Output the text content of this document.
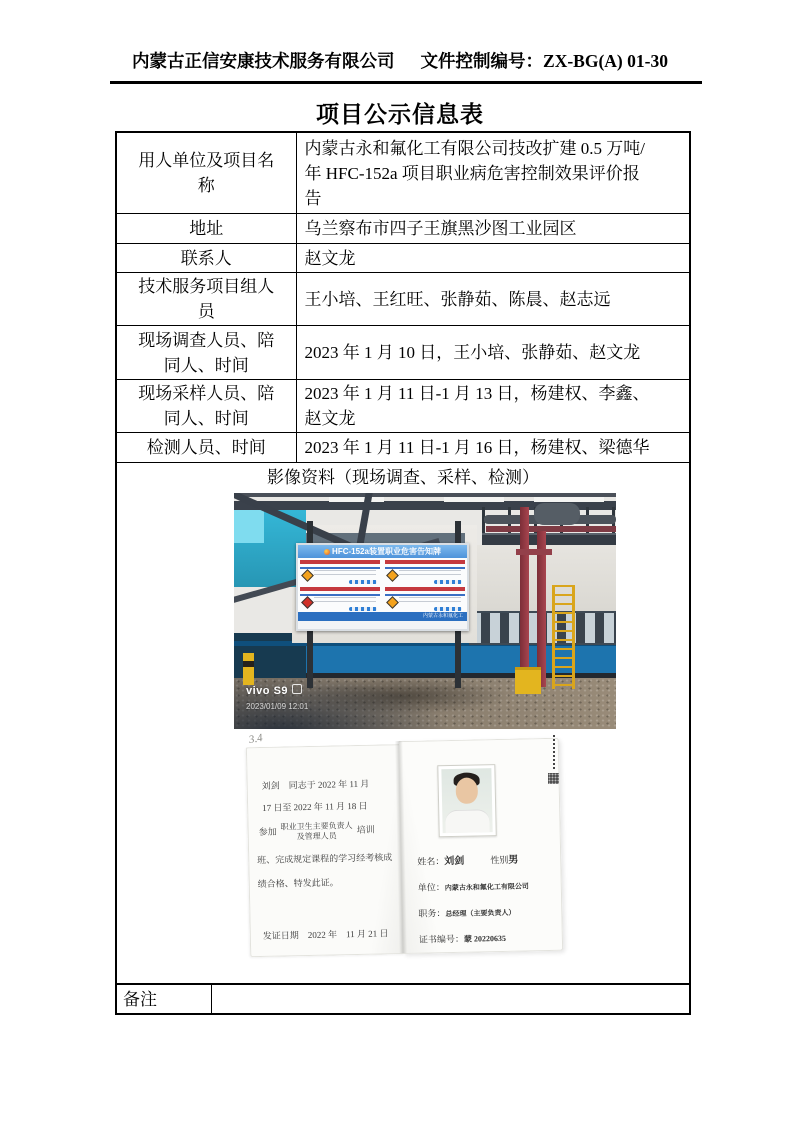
内蒙古正信安康技术服务有限公司 文件控制编号：ZX-BG(A) 01-30
项目公示信息表
用人单位及项目名称	内蒙古永和氟化工有限公司技改扩建 0.5 万吨/年 HFC-152a 项目职业病危害控制效果评价报告
地址	乌兰察布市四子王旗黑沙图工业园区
联系人	赵文龙
技术服务项目组人员	王小培、王红旺、张静茹、陈晨、赵志远
现场调查人员、陪同人、时间	2023 年 1 月 10 日，王小培、张静茹、赵文龙
现场采样人员、陪同人、时间	2023 年 1 月 11 日-1 月 13 日，杨建权、李鑫、赵文龙
检测人员、时间	2023 年 1 月 11 日-1 月 16 日，杨建权、梁德华

影像资料（现场调查、采样、检测）
HFC-152a装置职业危害告知牌
内蒙古永和氟化工
vivo S9
2023/01/09 12:01
3.4
刘剑　同志于 2022 年 11 月
17 日至 2022 年 11 月 18 日
参加
职业卫生主要负责人
及管理人员
培训
班、完成规定课程的学习经考核成
绩合格、特发此证。
发证日期　2022 年　11 月 21 日
姓名：刘剑	性别男
单位：内蒙古永和氟化工有限公司
职务：总经理（主要负责人）
证书编号：蒙 20220635
备注	
